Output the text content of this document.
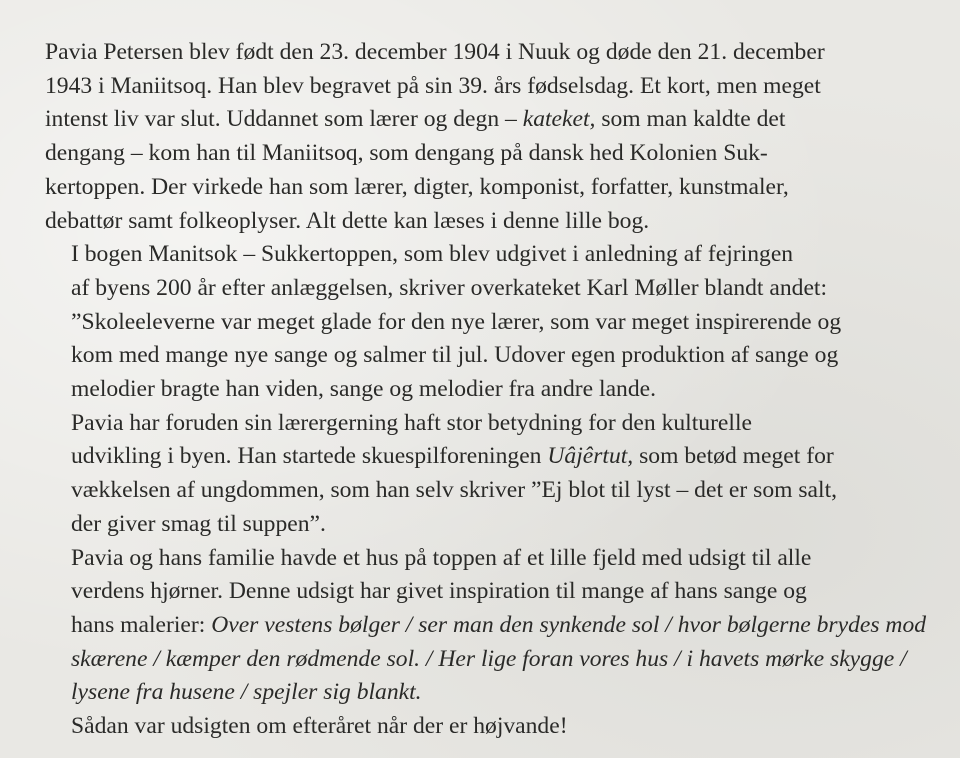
Pavia Petersen blev født den 23. december 1904 i Nuuk og døde den 21. december
1943 i Maniitsoq. Han blev begravet på sin 39. års fødselsdag. Et kort, men meget
intenst liv var slut. Uddannet som lærer og degn – kateket, som man kaldte det
dengang – kom han til Maniitsoq, som dengang på dansk hed Kolonien Suk-
kertoppen. Der virkede han som lærer, digter, komponist, forfatter, kunstmaler,
debattør samt folkeoplyser. Alt dette kan læses i denne lille bog.

I bogen Manitsok – Sukkertoppen, som blev udgivet i anledning af fejringen
af byens 200 år efter anlæggelsen, skriver overkateket Karl Møller blandt andet:
”Skoleeleverne var meget glade for den nye lærer, som var meget inspirerende og
kom med mange nye sange og salmer til jul. Udover egen produktion af sange og
melodier bragte han viden, sange og melodier fra andre lande.

Pavia har foruden sin lærergerning haft stor betydning for den kulturelle
udvikling i byen. Han startede skuespilforeningen Uâjêrtut, som betød meget for
vækkelsen af ungdommen, som han selv skriver ”Ej blot til lyst – det er som salt,
der giver smag til suppen”.

Pavia og hans familie havde et hus på toppen af et lille fjeld med udsigt til alle
verdens hjørner. Denne udsigt har givet inspiration til mange af hans sange og
hans malerier: Over vestens bølger / ser man den synkende sol / hvor bølgerne brydes mod
skærene / kæmper den rødmende sol. / Her lige foran vores hus / i havets mørke skygge /
lysene fra husene / spejler sig blankt.

Sådan var udsigten om efteråret når der er højvande!
